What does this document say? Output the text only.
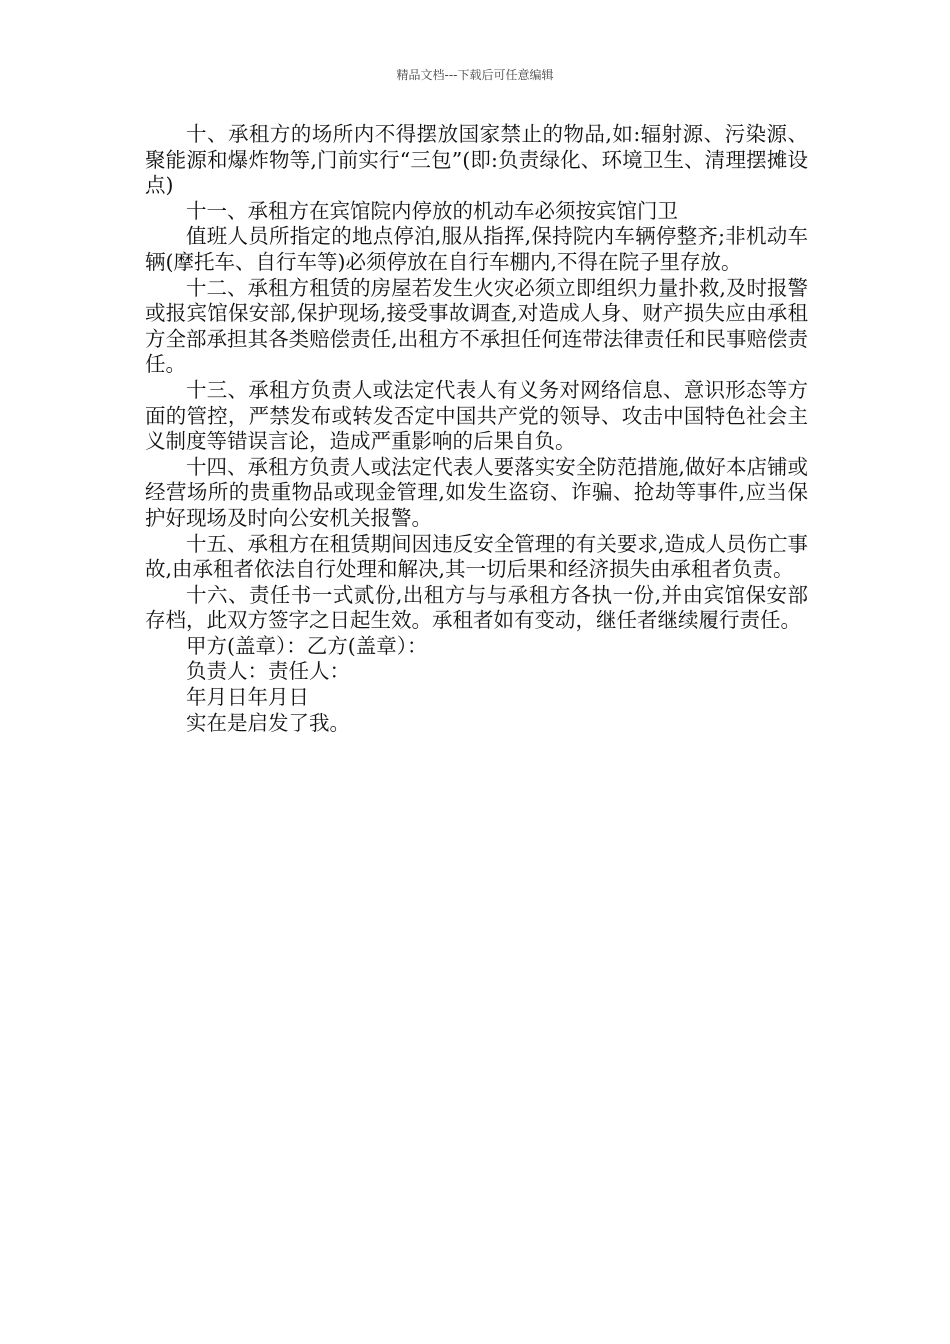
精品文档---下载后可任意编辑

十、承租方的场所内不得摆放国家禁止的物品,如:辐射源、污染源、聚能源和爆炸物等,门前实行“三包”(即:负责绿化、环境卫生、清理摆摊设点)

十一、承租方在宾馆院内停放的机动车必须按宾馆门卫

值班人员所指定的地点停泊,服从指挥,保持院内车辆停整齐;非机动车辆(摩托车、自行车等)必须停放在自行车棚内,不得在院子里存放。

十二、承租方租赁的房屋若发生火灾必须立即组织力量扑救,及时报警或报宾馆保安部,保护现场,接受事故调查,对造成人身、财产损失应由承租方全部承担其各类赔偿责任,出租方不承担任何连带法律责任和民事赔偿责任。

十三、承租方负责人或法定代表人有义务对网络信息、意识形态等方面的管控，严禁发布或转发否定中国共产党的领导、攻击中国特色社会主义制度等错误言论，造成严重影响的后果自负。

十四、承租方负责人或法定代表人要落实安全防范措施,做好本店铺或经营场所的贵重物品或现金管理,如发生盗窃、诈骗、抢劫等事件,应当保护好现场及时向公安机关报警。

十五、承租方在租赁期间因违反安全管理的有关要求,造成人员伤亡事故,由承租者依法自行处理和解决,其一切后果和经济损失由承租者负责。

十六、责任书一式贰份,出租方与与承租方各执一份,并由宾馆保安部存档，此双方签字之日起生效。承租者如有变动，继任者继续履行责任。

甲方(盖章）：乙方(盖章）：

负责人：责任人：

年月日年月日

实在是启发了我。
